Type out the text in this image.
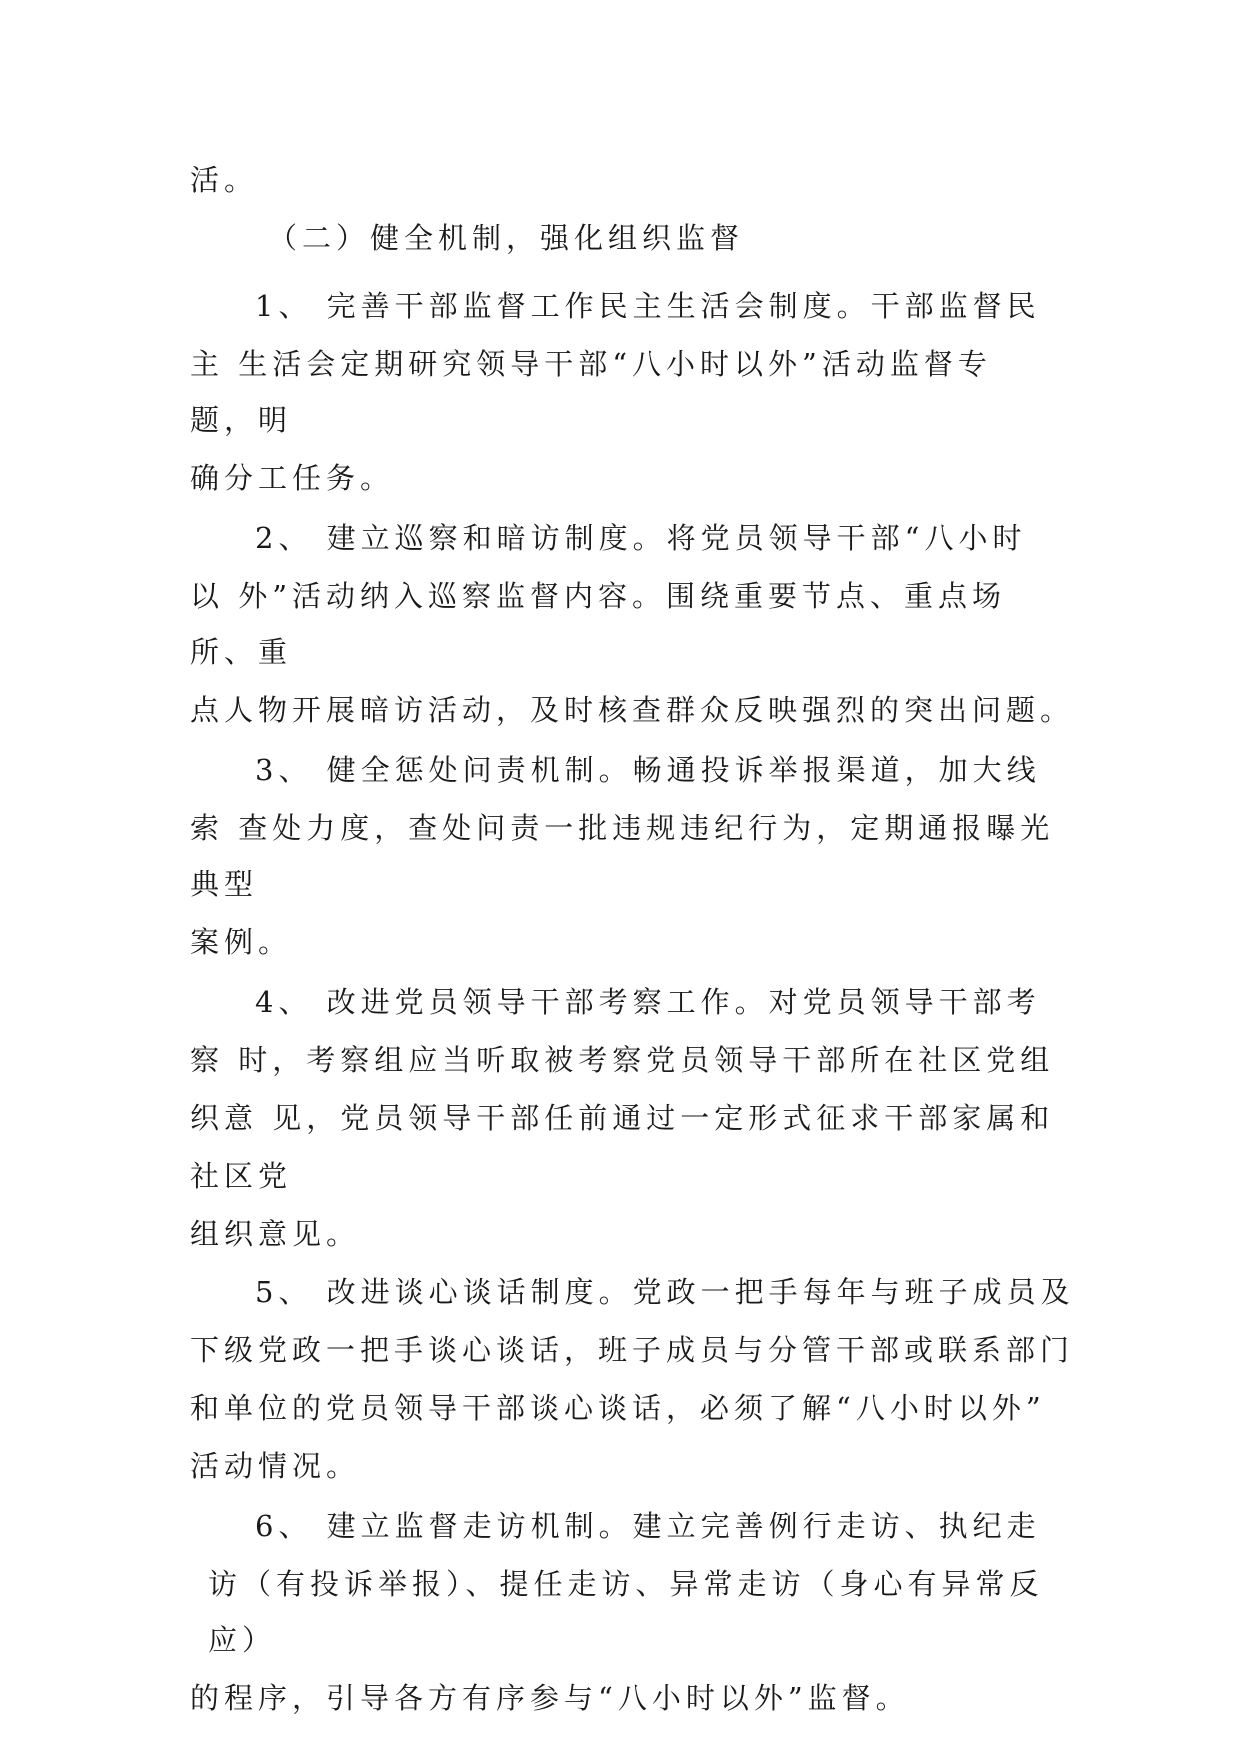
活。
（二）健全机制，强化组织监督
1、 完善干部监督工作民主生活会制度。干部监督民
主 生活会定期研究领导干部“八小时以外”活动监督专
题，明
确分工任务。
2、 建立巡察和暗访制度。将党员领导干部“八小时
以 外”活动纳入巡察监督内容。围绕重要节点、重点场
所、重
点人物开展暗访活动，及时核查群众反映强烈的突出问题。
3、 健全惩处问责机制。畅通投诉举报渠道，加大线
索 查处力度，查处问责一批违规违纪行为，定期通报曝光
典型
案例。
4、 改进党员领导干部考察工作。对党员领导干部考
察 时，考察组应当听取被考察党员领导干部所在社区党组
织意 见，党员领导干部任前通过一定形式征求干部家属和
社区党
组织意见。
5、 改进谈心谈话制度。党政一把手每年与班子成员及
下级党政一把手谈心谈话，班子成员与分管干部或联系部门
和单位的党员领导干部谈心谈话，必须了解“八小时以外”
活动情况。
6、 建立监督走访机制。建立完善例行走访、执纪走
访（有投诉举报）、提任走访、异常走访（身心有异常反
应）
的程序，引导各方有序参与“八小时以外”监督。
